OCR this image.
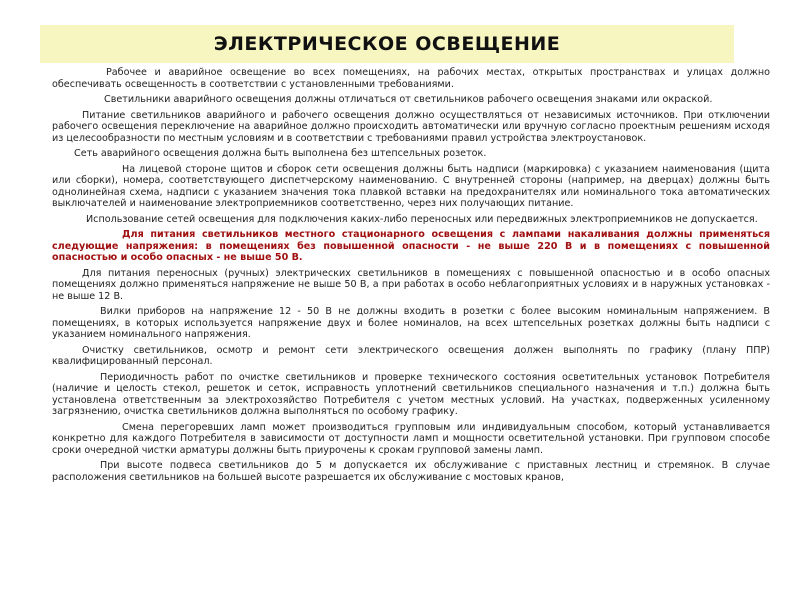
ЭЛЕКТРИЧЕСКОЕ ОСВЕЩЕНИЕ

Рабочее и аварийное освещение во всех помещениях, на рабочих местах, открытых пространствах и улицах должно обеспечивать освещенность в соответствии с установленными требованиями.

Светильники аварийного освещения должны отличаться от светильников рабочего освещения знаками или окраской.

Питание светильников аварийного и рабочего освещения должно осуществляться от независимых источников. При отключении рабочего освещения переключение на аварийное должно происходить автоматически или вручную согласно проектным решениям исходя из целесообразности по местным условиям и в соответствии с требованиями правил устройства электроустановок.

Сеть аварийного освещения должна быть выполнена без штепсельных розеток.

На лицевой стороне щитов и сборок сети освещения должны быть надписи (маркировка) с указанием наименования (щита или сборки), номера, соответствующего диспетчерскому наименованию. С внутренней стороны (например, на дверцах) должны быть однолинейная схема, надписи с указанием значения тока плавкой вставки на предохранителях или номинального тока автоматических выключателей и наименование электроприемников соответственно, через них получающих питание.

Использование сетей освещения для подключения каких-либо переносных или передвижных электроприемников не допускается.

Для питания светильников местного стационарного освещения с лампами накаливания должны применяться следующие напряжения: в помещениях без повышенной опасности - не выше 220 В и в помещениях с повышенной опасностью и особо опасных - не выше 50 В.

Для питания переносных (ручных) электрических светильников в помещениях с повышенной опасностью и в особо опасных помещениях должно применяться напряжение не выше 50 В, а при работах в особо неблагоприятных условиях и в наружных установках - не выше 12 В.

Вилки приборов на напряжение 12 - 50 В не должны входить в розетки с более высоким номинальным напряжением. В помещениях, в которых используется напряжение двух и более номиналов, на всех штепсельных розетках должны быть надписи с указанием номинального напряжения.

Очистку светильников, осмотр и ремонт сети электрического освещения должен выполнять по графику (плану ППР) квалифицированный персонал.

Периодичность работ по очистке светильников и проверке технического состояния осветительных установок Потребителя (наличие и целость стекол, решеток и сеток, исправность уплотнений светильников специального назначения и т.п.) должна быть установлена ответственным за электрохозяйство Потребителя с учетом местных условий. На участках, подверженных усиленному загрязнению, очистка светильников должна выполняться по особому графику.

Смена перегоревших ламп может производиться групповым или индивидуальным способом, который устанавливается конкретно для каждого Потребителя в зависимости от доступности ламп и мощности осветительной установки. При групповом способе сроки очередной чистки арматуры должны быть приурочены к срокам групповой замены ламп.

При высоте подвеса светильников до 5 м допускается их обслуживание с приставных лестниц и стремянок. В случае расположения светильников на большей высоте разрешается их обслуживание с мостовых кранов,
